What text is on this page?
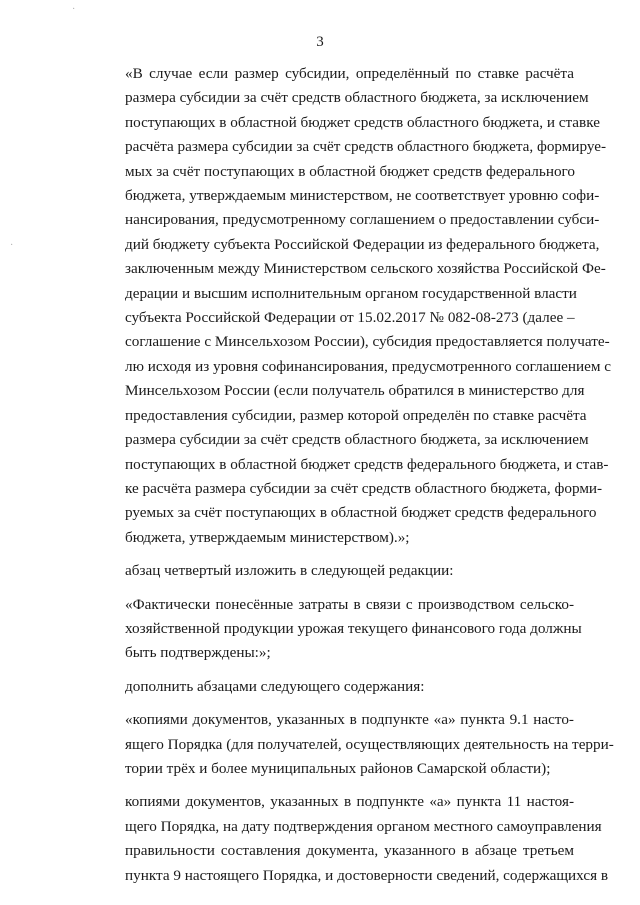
·
·
3

«В случае если размер субсидии, определённый по ставке расчёта
размера субсидии за счёт средств областного бюджета, за исключением
поступающих в областной бюджет средств областного бюджета, и ставке
расчёта размера субсидии за счёт средств областного бюджета, формируе-
мых за счёт поступающих в областной бюджет средств федерального
бюджета, утверждаемым министерством, не соответствует уровню софи-
нансирования, предусмотренному соглашением о предоставлении субси-
дий бюджету субъекта Российской Федерации из федерального бюджета,
заключенным между Министерством сельского хозяйства Российской Фе-
дерации и высшим исполнительным органом государственной власти
субъекта Российской Федерации от 15.02.2017 № 082-08-273 (далее –
соглашение с Минсельхозом России), субсидия предоставляется получате-
лю исходя из уровня софинансирования, предусмотренного соглашением с
Минсельхозом России (если получатель обратился в министерство для
предоставления субсидии, размер которой определён по ставке расчёта
размера субсидии за счёт средств областного бюджета, за исключением
поступающих в областной бюджет средств федерального бюджета, и став-
ке расчёта размера субсидии за счёт средств областного бюджета, форми-
руемых за счёт поступающих в областной бюджет средств федерального
бюджета, утверждаемым министерством).»;

абзац четвертый изложить в следующей редакции:

«Фактически понесённые затраты в связи с производством сельско-
хозяйственной продукции урожая текущего финансового года должны
быть подтверждены:»;

дополнить абзацами следующего содержания:

«копиями документов, указанных в подпункте «а» пункта 9.1 насто-
ящего Порядка (для получателей, осуществляющих деятельность на терри-
тории трёх и более муниципальных районов Самарской области);

копиями документов, указанных в подпункте «а» пункта 11 настоя-
щего Порядка, на дату подтверждения органом местного самоуправления
правильности составления документа, указанного в абзаце третьем
пункта 9 настоящего Порядка, и достоверности сведений, содержащихся в
